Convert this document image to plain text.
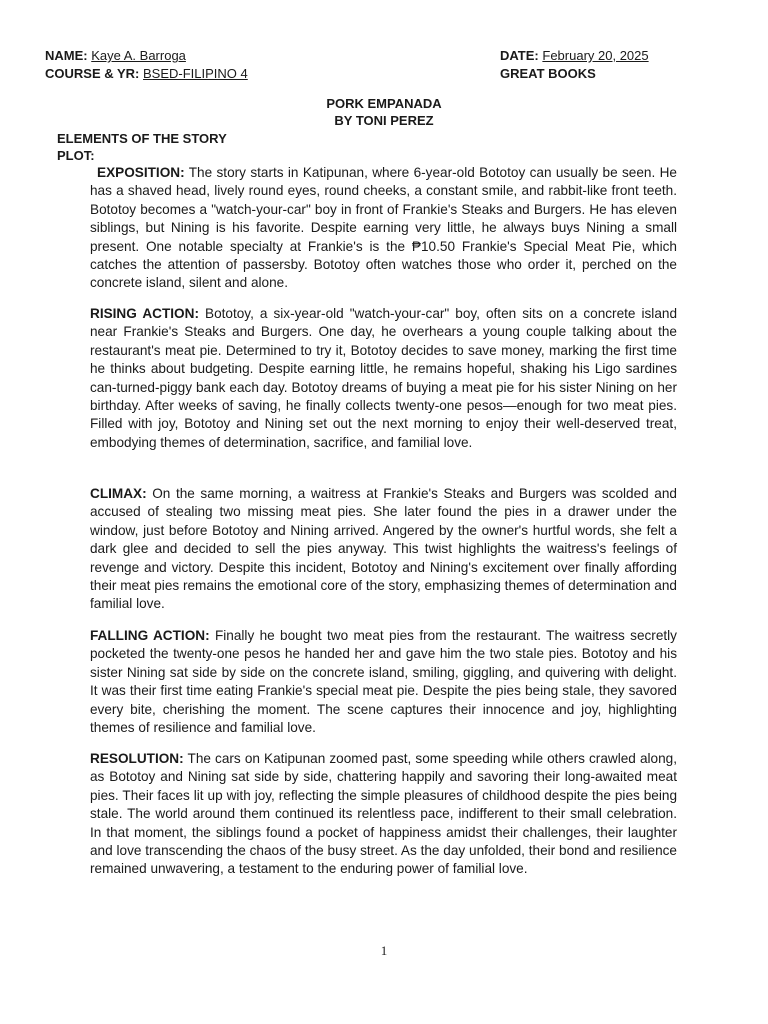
NAME: Kaye A. Barroga
COURSE & YR: BSED-FILIPINO 4
DATE: February 20, 2025
GREAT BOOKS
PORK EMPANADA
BY TONI PEREZ
ELEMENTS OF THE STORY
PLOT:

EXPOSITION: The story starts in Katipunan, where 6-year-old Bototoy can usually be seen. He has a shaved head, lively round eyes, round cheeks, a constant smile, and rabbit-like front teeth. Bototoy becomes a "watch-your-car" boy in front of Frankie's Steaks and Burgers. He has eleven siblings, but Nining is his favorite. Despite earning very little, he always buys Nining a small present. One notable specialty at Frankie's is the ₱10.50 Frankie's Special Meat Pie, which catches the attention of passersby. Bototoy often watches those who order it, perched on the concrete island, silent and alone.

RISING ACTION: Bototoy, a six-year-old "watch-your-car" boy, often sits on a concrete island near Frankie's Steaks and Burgers. One day, he overhears a young couple talking about the restaurant's meat pie. Determined to try it, Bototoy decides to save money, marking the first time he thinks about budgeting. Despite earning little, he remains hopeful, shaking his Ligo sardines can-turned-piggy bank each day. Bototoy dreams of buying a meat pie for his sister Nining on her birthday. After weeks of saving, he finally collects twenty-one pesos—enough for two meat pies. Filled with joy, Bototoy and Nining set out the next morning to enjoy their well-deserved treat, embodying themes of determination, sacrifice, and familial love.

CLIMAX: On the same morning, a waitress at Frankie's Steaks and Burgers was scolded and accused of stealing two missing meat pies. She later found the pies in a drawer under the window, just before Bototoy and Nining arrived. Angered by the owner's hurtful words, she felt a dark glee and decided to sell the pies anyway. This twist highlights the waitress's feelings of revenge and victory. Despite this incident, Bototoy and Nining's excitement over finally affording their meat pies remains the emotional core of the story, emphasizing themes of determination and familial love.

FALLING ACTION: Finally he bought two meat pies from the restaurant. The waitress secretly pocketed the twenty-one pesos he handed her and gave him the two stale pies. Bototoy and his sister Nining sat side by side on the concrete island, smiling, giggling, and quivering with delight. It was their first time eating Frankie's special meat pie. Despite the pies being stale, they savored every bite, cherishing the moment. The scene captures their innocence and joy, highlighting themes of resilience and familial love.

RESOLUTION: The cars on Katipunan zoomed past, some speeding while others crawled along, as Bototoy and Nining sat side by side, chattering happily and savoring their long-awaited meat pies. Their faces lit up with joy, reflecting the simple pleasures of childhood despite the pies being stale. The world around them continued its relentless pace, indifferent to their small celebration. In that moment, the siblings found a pocket of happiness amidst their challenges, their laughter and love transcending the chaos of the busy street. As the day unfolded, their bond and resilience remained unwavering, a testament to the enduring power of familial love.

1
